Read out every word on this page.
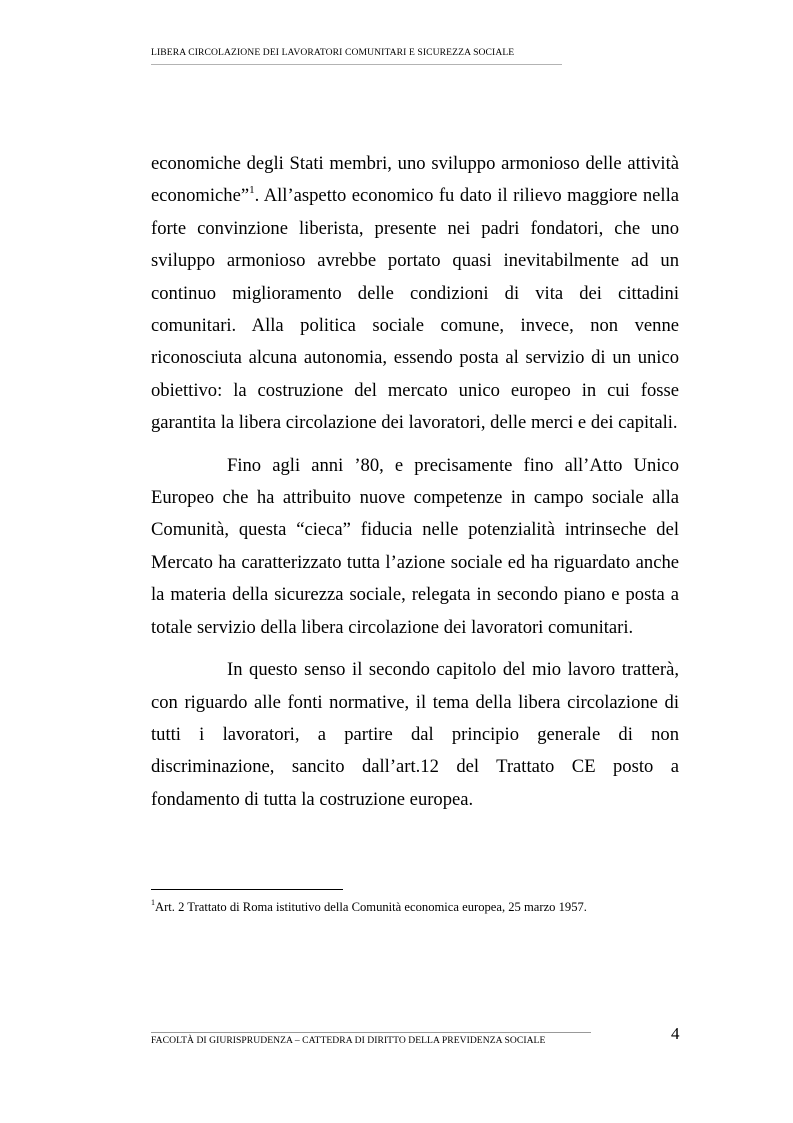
LIBERA CIRCOLAZIONE DEI LAVORATORI COMUNITARI E SICUREZZA SOCIALE

economiche degli Stati membri, uno sviluppo armonioso delle attività economiche”$^1$. All’aspetto economico fu dato il rilievo maggiore nella forte convinzione liberista, presente nei padri fondatori, che uno sviluppo armonioso avrebbe portato quasi inevitabilmente ad un continuo miglioramento delle condizioni di vita dei cittadini comunitari. Alla politica sociale comune, invece, non venne riconosciuta alcuna autonomia, essendo posta al servizio di un unico obiettivo: la costruzione del mercato unico europeo in cui fosse garantita la libera circolazione dei lavoratori, delle merci e dei capitali.

Fino agli anni ’80, e precisamente fino all’Atto Unico Europeo che ha attribuito nuove competenze in campo sociale alla Comunità, questa “cieca” fiducia nelle potenzialità intrinseche del Mercato ha caratterizzato tutta l’azione sociale ed ha riguardato anche la materia della sicurezza sociale, relegata in secondo piano e posta a totale servizio della libera circolazione dei lavoratori comunitari.

In questo senso il secondo capitolo del mio lavoro tratterà, con riguardo alle fonti normative, il tema della libera circolazione di tutti i lavoratori, a partire dal principio generale di non discriminazione, sancito dall’art.12 del Trattato CE posto a fondamento di tutta la costruzione europea.

$^1$Art. 2 Trattato di Roma istitutivo della Comunità economica europea, 25 marzo 1957.
4
FACOLTÀ DI GIURISPRUDENZA – CATTEDRA DI DIRITTO DELLA PREVIDENZA SOCIALE
